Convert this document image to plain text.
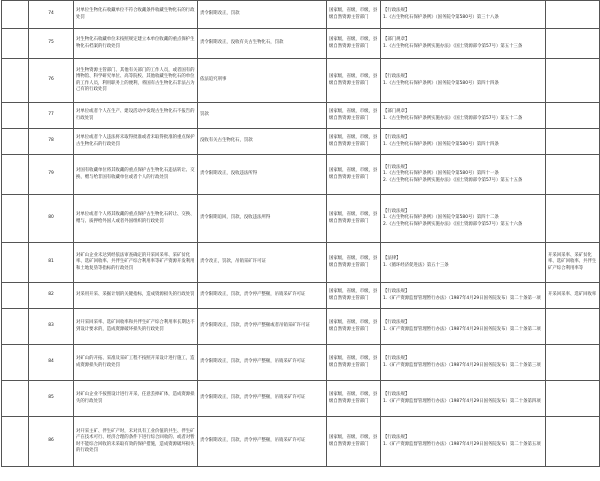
	74	对单位生物化石收藏单位不符合收藏条件收藏生物化石的行政处罚	责令限期改正，罚款	国家级，省级，市级，县级自然资源主管部门	【行政法规】
1.《古生物化石保护条例》（国务院令第580号）第三十八条		

	75	对生物化石收藏单位未按照规定建立本单位收藏的重点保护生物化石档案的行政处罚	责令限期改正，没收有关古生物化石，罚款	国家级，省级，市级，县级自然资源主管部门	【部门规章】
1.《古生物化石保护条例实施办法》（国土资源部令第57号）第五十三条		

	76	对生物资源主管部门、其他有关部门的工作人员，或者国有的博物馆、科学研究单位、高等院校、其他收藏生物化石的单位的工作人员，利用职务上的便利，将国有古生物化石非法占为己有的行政处罚	依法追究刑事	国家级，省级，市级，县级自然资源主管部门	【行政法规】
1.《古生物化石保护条例》（国务院令第580号）第四十四条		

	77	对单位或者个人在生产、建设活动中发现古生物化石不报告的行政处罚	罚款	国家级，省级，市级，县级自然资源主管部门	【部门规章】
1.《古生物化石保护条例实施办法》（国土资源部令第57号）第五十二条		

	78	对单位或者个人违法将未取得批准或者未取得批准的重点保护古生物化石的行政处罚	没收有关古生物化石，罚款	国家级，省级，市级，县级自然资源主管部门	【行政法规】
1.《古生物化石保护条例》（国务院令第580号）第四十四条		

	79	对国有收藏单位将其收藏的重点保护古生物化石违法转让、交换、赠与给非国有收藏单位或者个人的行政处罚	责令限期改正，没收违法所得	国家级，省级，市级，县级自然资源主管部门	【行政法规】
1.《古生物化石保护条例》（国务院令第580号）第四十一条
2.《古生物化石保护条例实施办法》（国土资源部令第57号）第五十五条		

	80	对单位或者个人将其收藏的重点保护古生物化石转让、交换、赠与、质押给外国人或者外国组织的行政处罚	责令限期追回，罚款，没收违法所得	国家级，省级，市级，县级自然资源主管部门	【行政法规】
1.《古生物化石保护条例》（国务院令第580号）第四十二条
2.《古生物化石保护条例实施办法》（国土资源部令第57号）第五十六条		

	81	对矿山企业未达到经依法审查确定的开采回采率、采矿贫化率、选矿回收率、共伴生矿产综合利用率等矿产资源开发利用和土地复垦等指标的行政处罚	责令改正，罚款，吊销采矿许可证	国家级，省级，市级，县级自然资源主管部门	【法律】
1.《循环经济促进法》第五十三条	开采回采率、采矿贫化率、选矿回收率、共伴生矿产综合利用率等	
	82	对采用开采、采掘计划的关键指标，造成资源损失的行政处罚	责令限期改正，罚款，责令停产整顿，吊销采矿许可证	国家级，省级，市级，县级自然资源主管部门	【行政法规】
1.《矿产资源监督管理暂行办法》（1987年4月29日国务院发布）第二十条第一项	开采回采率、选矿回收率	
	83	对开采回采率、选矿回收率和共伴生矿产综合利用率长期达不到设计要求的，造成资源破坏损失的行政处罚	责令限期改正，罚款，责令停产整顿或者吊销采矿许可证	国家级，省级，市级，县级自然资源主管部门	【行政法规】
1.《矿产资源监督管理暂行办法》（1987年4月29日国务院发布）第二十条第二项		

	84	对矿山的开拓、采准及采矿工程不按照开采设计进行施工，造成资源损失的行政处罚	责令限期改正，罚款，责令停产整顿，吊销采矿许可证	国家级，省级，市级，县级自然资源主管部门	【行政法规】
1.《矿产资源监督管理暂行办法》（1987年4月29日国务院发布）第二十条第三项		

	85	对矿山企业不按照设计进行开采，任意丢掉矿体，造成资源损失的行政处罚	责令限期改正，罚款，责令停产整顿，吊销采矿许可证	国家级，省级，市级，县级自然资源主管部门	【行政法规】
1.《矿产资源监督管理暂行办法》（1987年4月29日国务院发布）第二十条第四项		

	86	对开采主矿、伴生矿产时，未对具有工业价值的共生、伴生矿产在技术可行、经济合理的条件下进行综合回收的、或者对暂时不能综合回收的未采取有效的保护措施，造成资源破坏损失的行政处罚	责令限期改正，罚款，责令停产整顿，吊销采矿许可证	国家级，省级，市级，县级自然资源主管部门	【行政法规】
1.《矿产资源监督管理暂行办法》（1987年4月29日国务院发布）第二十条第五项		
